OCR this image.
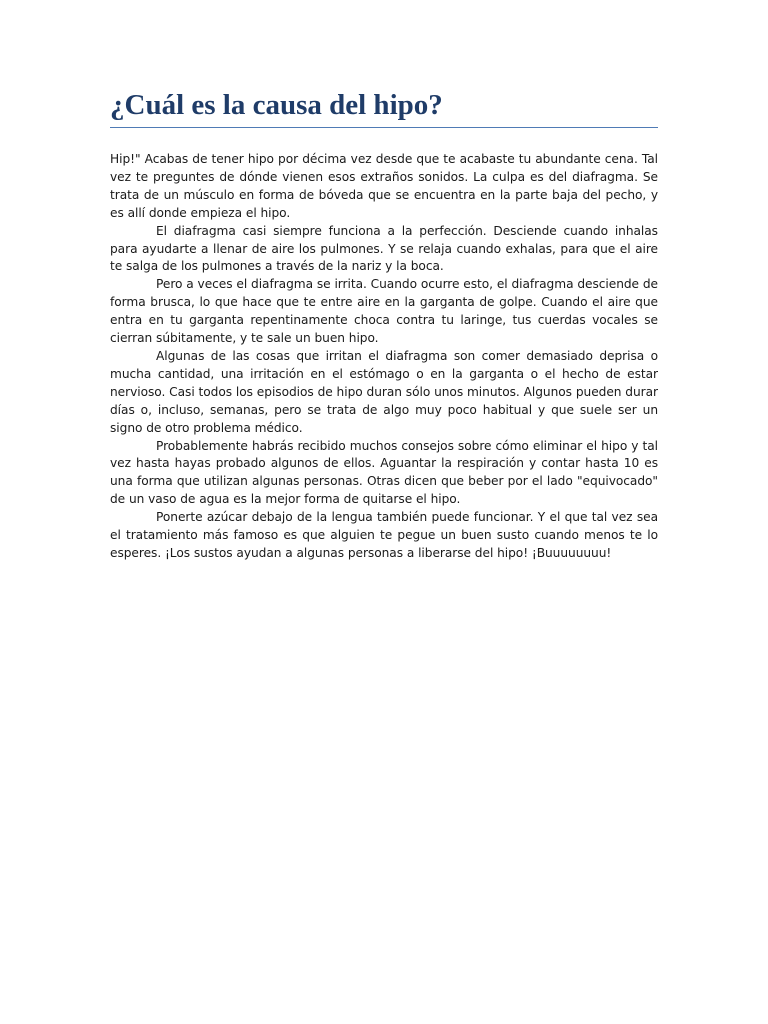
¿Cuál es la causa del hipo?

Hip!" Acabas de tener hipo por décima vez desde que te acabaste tu abundante cena. Tal vez te preguntes de dónde vienen esos extraños sonidos. La culpa es del diafragma. Se trata de un músculo en forma de bóveda que se encuentra en la parte baja del pecho, y es allí donde empieza el hipo.

El diafragma casi siempre funciona a la perfección. Desciende cuando inhalas para ayudarte a llenar de aire los pulmones. Y se relaja cuando exhalas, para que el aire te salga de los pulmones a través de la nariz y la boca.

Pero a veces el diafragma se irrita. Cuando ocurre esto, el diafragma desciende de forma brusca, lo que hace que te entre aire en la garganta de golpe. Cuando el aire que entra en tu garganta repentinamente choca contra tu laringe, tus cuerdas vocales se cierran súbitamente, y te sale un buen hipo.

Algunas de las cosas que irritan el diafragma son comer demasiado deprisa o mucha cantidad, una irritación en el estómago o en la garganta o el hecho de estar nervioso. Casi todos los episodios de hipo duran sólo unos minutos. Algunos pueden durar días o, incluso, semanas, pero se trata de algo muy poco habitual y que suele ser un signo de otro problema médico.

Probablemente habrás recibido muchos consejos sobre cómo eliminar el hipo y tal vez hasta hayas probado algunos de ellos. Aguantar la respiración y contar hasta 10 es una forma que utilizan algunas personas. Otras dicen que beber por el lado "equivocado" de un vaso de agua es la mejor forma de quitarse el hipo.

Ponerte azúcar debajo de la lengua también puede funcionar. Y el que tal vez sea el tratamiento más famoso es que alguien te pegue un buen susto cuando menos te lo esperes. ¡Los sustos ayudan a algunas personas a liberarse del hipo! ¡Buuuuuuuu!
